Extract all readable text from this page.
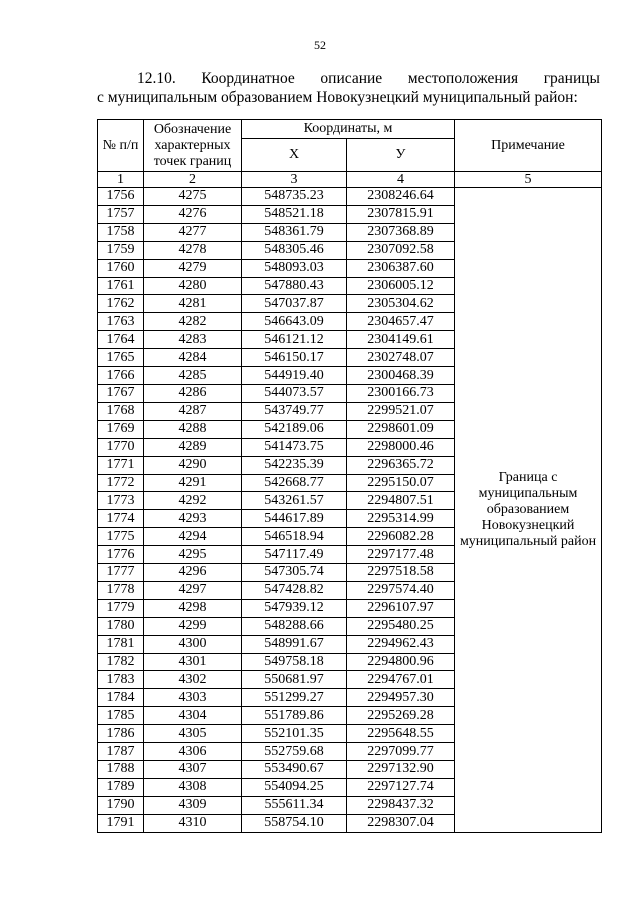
52
12.10. Координатное описание местоположения границы
с муниципальным образованием Новокузнецкий муниципальный район:
№ п/п	Обозначение характерных точек границ	Координаты, м		Примечание
		Х	У	
1	2	3	4	5
1756	4275	548735.23	2308246.64	Граница с муниципальным образованием Новокузнецкий муниципальный район
1757	4276	548521.18	2307815.91	
1758	4277	548361.79	2307368.89	
1759	4278	548305.46	2307092.58	
1760	4279	548093.03	2306387.60	
1761	4280	547880.43	2306005.12	
1762	4281	547037.87	2305304.62	
1763	4282	546643.09	2304657.47	
1764	4283	546121.12	2304149.61	
1765	4284	546150.17	2302748.07	
1766	4285	544919.40	2300468.39	
1767	4286	544073.57	2300166.73	
1768	4287	543749.77	2299521.07	
1769	4288	542189.06	2298601.09	
1770	4289	541473.75	2298000.46	
1771	4290	542235.39	2296365.72	
1772	4291	542668.77	2295150.07	
1773	4292	543261.57	2294807.51	
1774	4293	544617.89	2295314.99	
1775	4294	546518.94	2296082.28	
1776	4295	547117.49	2297177.48	
1777	4296	547305.74	2297518.58	
1778	4297	547428.82	2297574.40	
1779	4298	547939.12	2296107.97	
1780	4299	548288.66	2295480.25	
1781	4300	548991.67	2294962.43	
1782	4301	549758.18	2294800.96	
1783	4302	550681.97	2294767.01	
1784	4303	551299.27	2294957.30	
1785	4304	551789.86	2295269.28	
1786	4305	552101.35	2295648.55	
1787	4306	552759.68	2297099.77	
1788	4307	553490.67	2297132.90	
1789	4308	554094.25	2297127.74	
1790	4309	555611.34	2298437.32	
1791	4310	558754.10	2298307.04	
